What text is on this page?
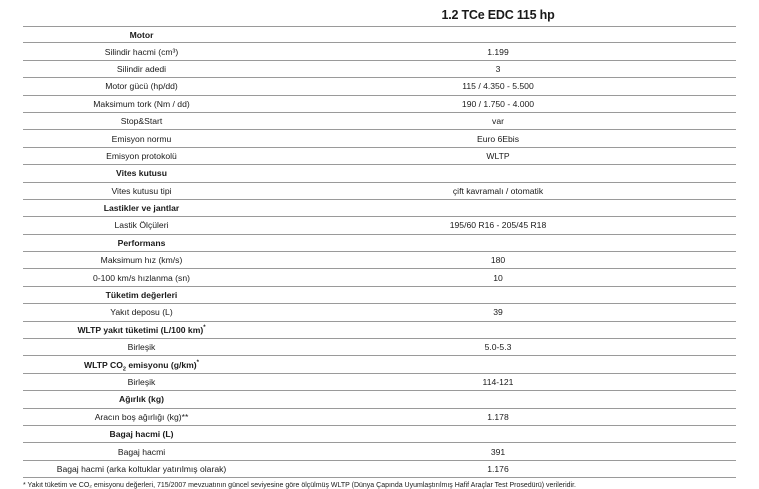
1.2 TCe EDC 115 hp
Motor
Silindir hacmi (cm³)	1.199
Silindir adedi	3
Motor gücü (hp/dd)	115 / 4.350 - 5.500
Maksimum tork (Nm / dd)	190 / 1.750 - 4.000
Stop&Start	var
Emisyon normu	Euro 6Ebis
Emisyon protokolü	WLTP
Vites kutusu
Vites kutusu tipi	çift kavramalı / otomatik
Lastikler ve jantlar
Lastik Ölçüleri	195/60 R16 - 205/45 R18
Performans
Maksimum hız (km/s)	180
0-100 km/s hızlanma (sn)	10
Tüketim değerleri
Yakıt deposu (L)	39
WLTP yakıt tüketimi (L/100 km)*
Birleşik	5.0-5.3
WLTP $CO_2$ emisyonu (g/km)*
Birleşik	114-121
Ağırlık (kg)
Aracın boş ağırlığı (kg)**	1.178
Bagaj hacmi (L)
Bagaj hacmi	391
Bagaj hacmi (arka koltuklar yatırılmış olarak)	1.176
* Yakıt tüketim ve CO₂ emisyonu değerleri, 715/2007 mevzuatının güncel seviyesine göre ölçülmüş WLTP (Dünya Çapında Uyumlaştırılmış Hafif Araçlar Test Prosedürü) verileridir.
